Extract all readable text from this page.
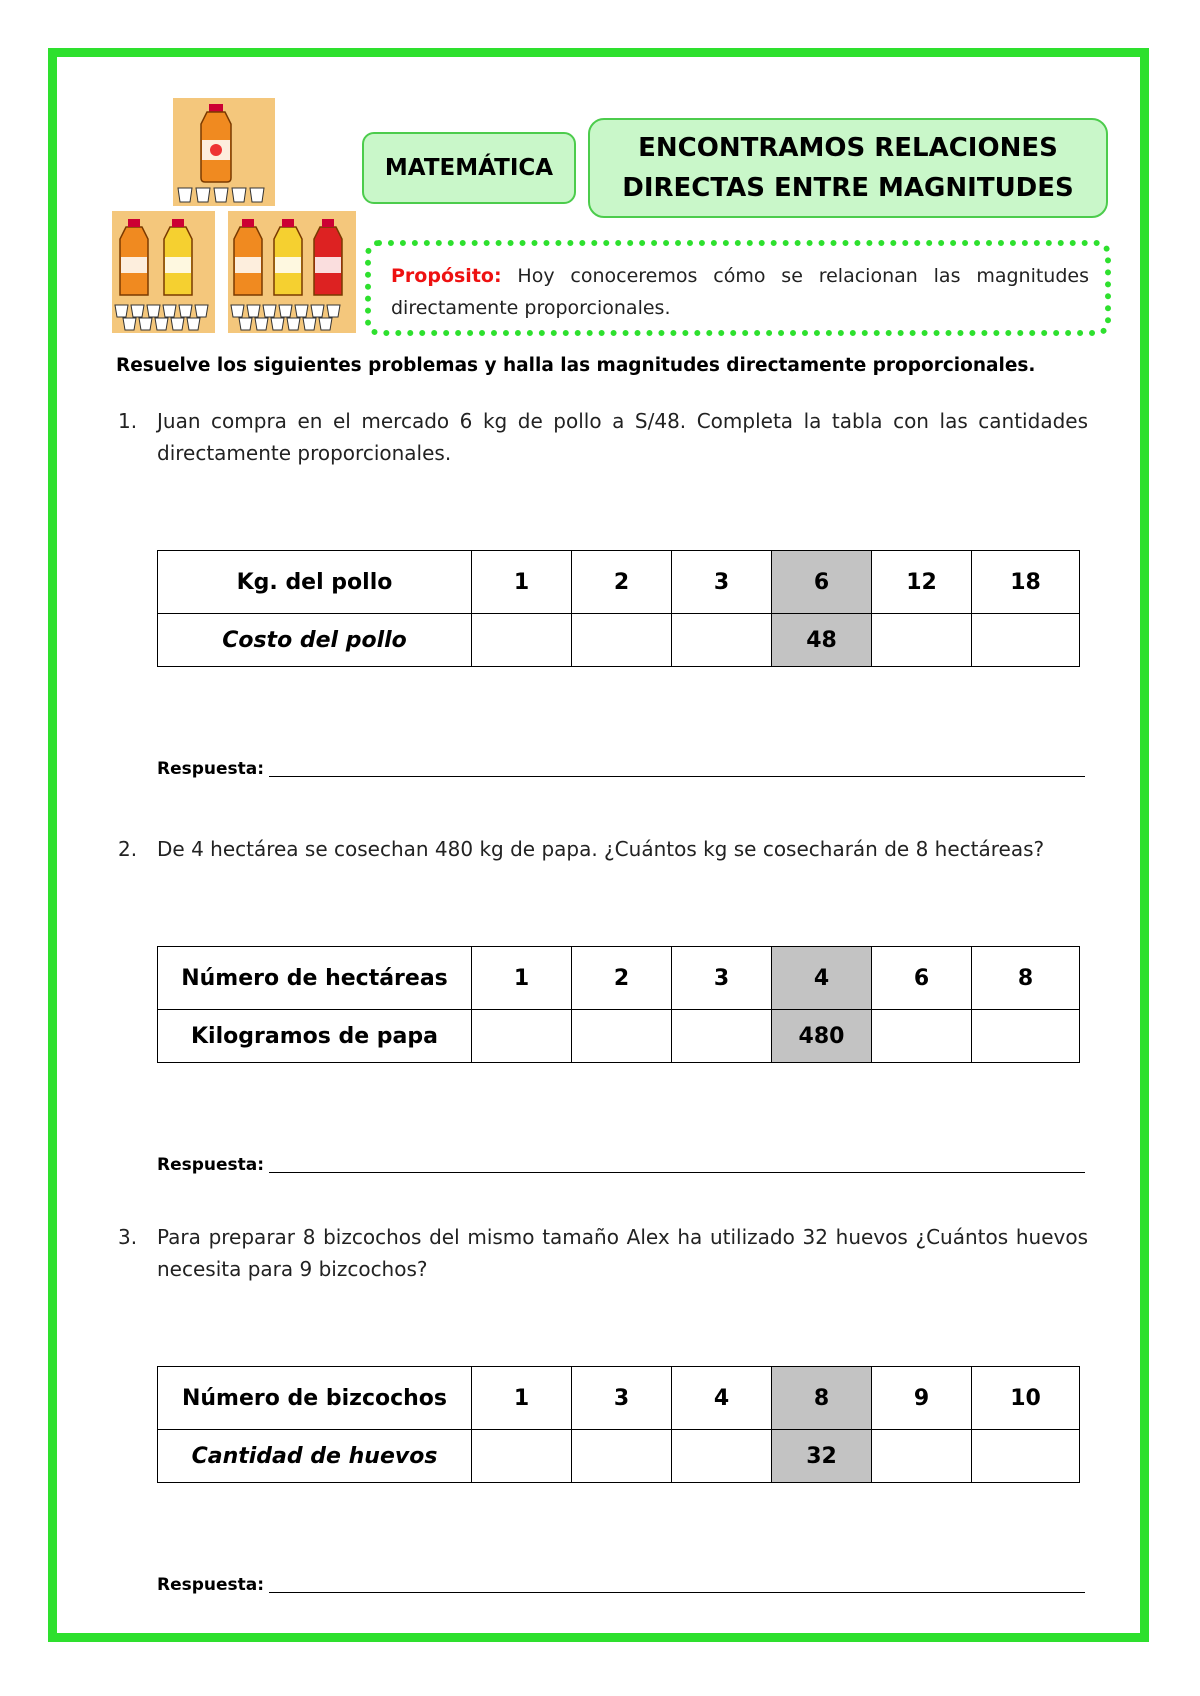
MATEMÁTICA
ENCONTRAMOS RELACIONES
DIRECTAS ENTRE MAGNITUDES
Propósito: Hoy conoceremos cómo se relacionan las magnitudes directamente proporcionales.
Resuelve los siguientes problemas y halla las magnitudes directamente proporcionales.
1. Juan compra en el mercado 6 kg de pollo a S/48. Completa la tabla con las cantidades directamente proporcionales.
Kg. del pollo	1	2	3	6	12	18
Costo del pollo				48		
Respuesta:
2. De 4 hectárea se cosechan 480 kg de papa. ¿Cuántos kg se cosecharán de 8 hectáreas?
Número de hectáreas	1	2	3	4	6	8
Kilogramos de papa				480		
Respuesta:
3. Para preparar 8 bizcochos del mismo tamaño Alex ha utilizado 32 huevos ¿Cuántos huevos necesita para 9 bizcochos?
Número de bizcochos	1	3	4	8	9	10
Cantidad de huevos				32		
Respuesta:
